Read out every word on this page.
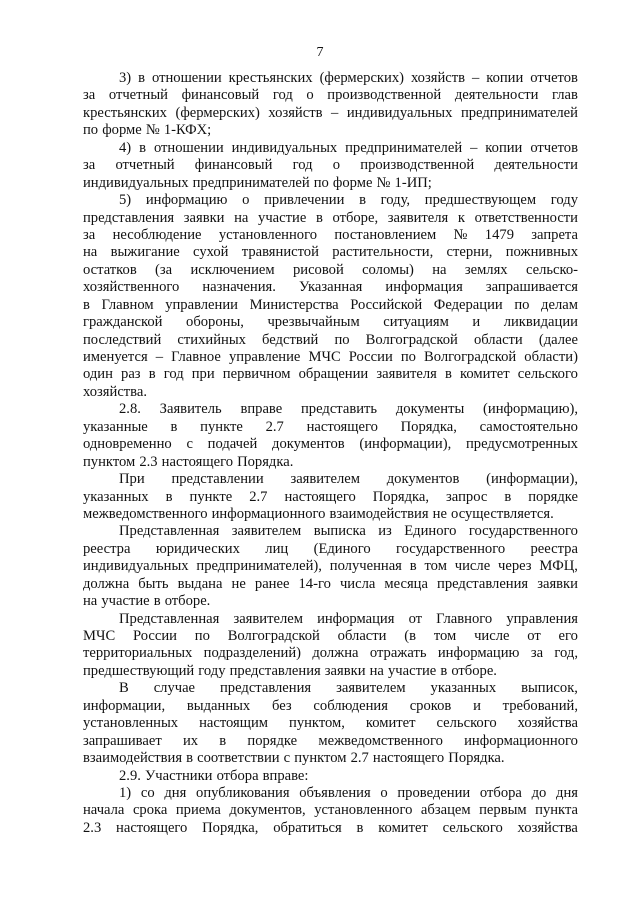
7
3) в отношении крестьянских (фермерских) хозяйств – копии отчетов
за отчетный финансовый год о производственной деятельности глав
крестьянских (фермерских) хозяйств – индивидуальных предпринимателей
по форме № 1-КФХ;
4) в отношении индивидуальных предпринимателей – копии отчетов
за отчетный финансовый год о производственной деятельности
индивидуальных предпринимателей по форме № 1-ИП;
5) информацию о привлечении в году, предшествующем году
представления заявки на участие в отборе, заявителя к ответственности
за несоблюдение установленного постановлением № 1479 запрета
на выжигание сухой травянистой растительности, стерни, пожнивных
остатков (за исключением рисовой соломы) на землях сельско-
хозяйственного назначения. Указанная информация запрашивается
в Главном управлении Министерства Российской Федерации по делам
гражданской обороны, чрезвычайным ситуациям и ликвидации
последствий стихийных бедствий по Волгоградской области (далее
именуется – Главное управление МЧС России по Волгоградской области)
один раз в год при первичном обращении заявителя в комитет сельского
хозяйства.
2.8. Заявитель вправе представить документы (информацию),
указанные в пункте 2.7 настоящего Порядка, самостоятельно
одновременно с подачей документов (информации), предусмотренных
пунктом 2.3 настоящего Порядка.
При представлении заявителем документов (информации),
указанных в пункте 2.7 настоящего Порядка, запрос в порядке
межведомственного информационного взаимодействия не осуществляется.
Представленная заявителем выписка из Единого государственного
реестра юридических лиц (Единого государственного реестра
индивидуальных предпринимателей), полученная в том числе через МФЦ,
должна быть выдана не ранее 14-го числа месяца представления заявки
на участие в отборе.
Представленная заявителем информация от Главного управления
МЧС России по Волгоградской области (в том числе от его
территориальных подразделений) должна отражать информацию за год,
предшествующий году представления заявки на участие в отборе.
В случае представления заявителем указанных выписок,
информации, выданных без соблюдения сроков и требований,
установленных настоящим пунктом, комитет сельского хозяйства
запрашивает их в порядке межведомственного информационного
взаимодействия в соответствии с пунктом 2.7 настоящего Порядка.
2.9. Участники отбора вправе:
1) со дня опубликования объявления о проведении отбора до дня
начала срока приема документов, установленного абзацем первым пункта
2.3 настоящего Порядка, обратиться в комитет сельского хозяйства
